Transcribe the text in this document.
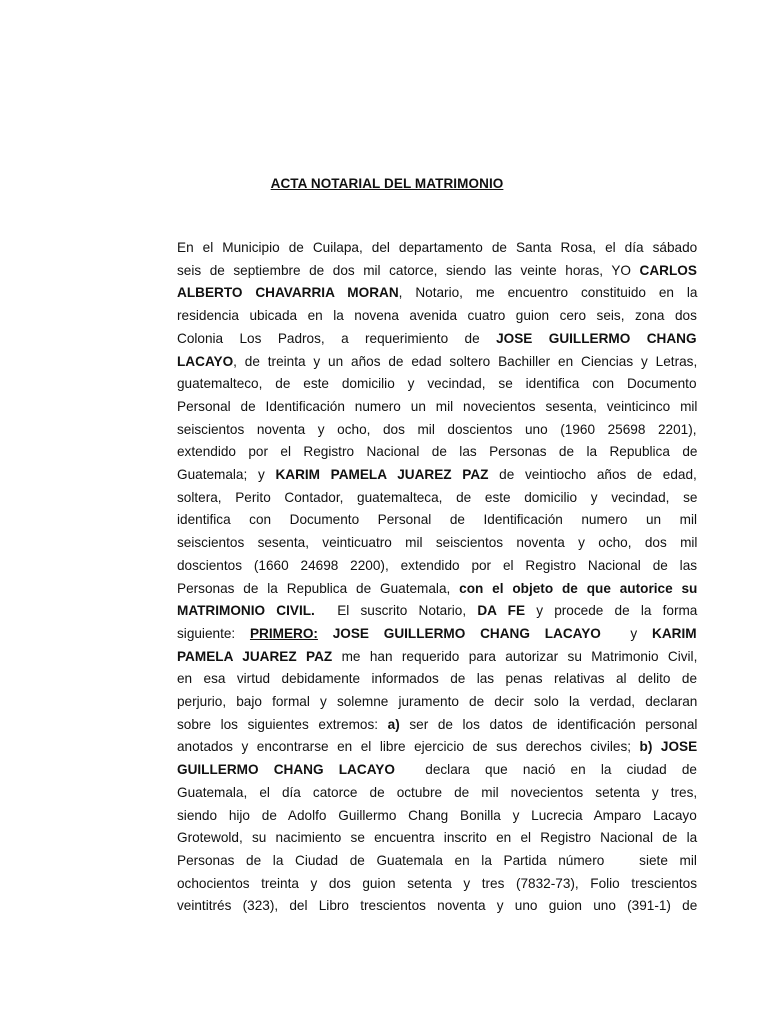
ACTA NOTARIAL DEL MATRIMONIO
En el Municipio de Cuilapa, del departamento de Santa Rosa, el día sábado
seis de septiembre de dos mil catorce, siendo las veinte horas, YO CARLOS
ALBERTO CHAVARRIA MORAN, Notario, me encuentro constituido en la
residencia ubicada en la novena avenida cuatro guion cero seis, zona dos
Colonia Los Padros, a requerimiento de JOSE GUILLERMO CHANG
LACAYO, de treinta y un años de edad soltero Bachiller en Ciencias y Letras,
guatemalteco, de este domicilio y vecindad, se identifica con Documento
Personal de Identificación numero un mil novecientos sesenta, veinticinco mil
seiscientos noventa y ocho, dos mil doscientos uno (1960 25698 2201),
extendido por el Registro Nacional de las Personas de la Republica de
Guatemala; y KARIM PAMELA JUAREZ PAZ de veintiocho años de edad,
soltera, Perito Contador, guatemalteca, de este domicilio y vecindad, se
identifica con Documento Personal de Identificación numero un mil
seiscientos sesenta, veinticuatro mil seiscientos noventa y ocho, dos mil
doscientos (1660 24698 2200), extendido por el Registro Nacional de las
Personas de la Republica de Guatemala, con el objeto de que autorice su
MATRIMONIO CIVIL.  El suscrito Notario, DA FE y procede de la forma
siguiente: PRIMERO: JOSE GUILLERMO CHANG LACAYO  y KARIM
PAMELA JUAREZ PAZ me han requerido para autorizar su Matrimonio Civil,
en esa virtud debidamente informados de las penas relativas al delito de
perjurio, bajo formal y solemne juramento de decir solo la verdad, declaran
sobre los siguientes extremos: a) ser de los datos de identificación personal
anotados y encontrarse en el libre ejercicio de sus derechos civiles; b) JOSE
GUILLERMO CHANG LACAYO  declara que nació en la ciudad de
Guatemala, el día catorce de octubre de mil novecientos setenta y tres,
siendo hijo de Adolfo Guillermo Chang Bonilla y Lucrecia Amparo Lacayo
Grotewold, su nacimiento se encuentra inscrito en el Registro Nacional de la
Personas de la Ciudad de Guatemala en la Partida número   siete mil
ochocientos treinta y dos guion setenta y tres (7832-73), Folio trescientos
veintitrés (323), del Libro trescientos noventa y uno guion uno (391-1) de
